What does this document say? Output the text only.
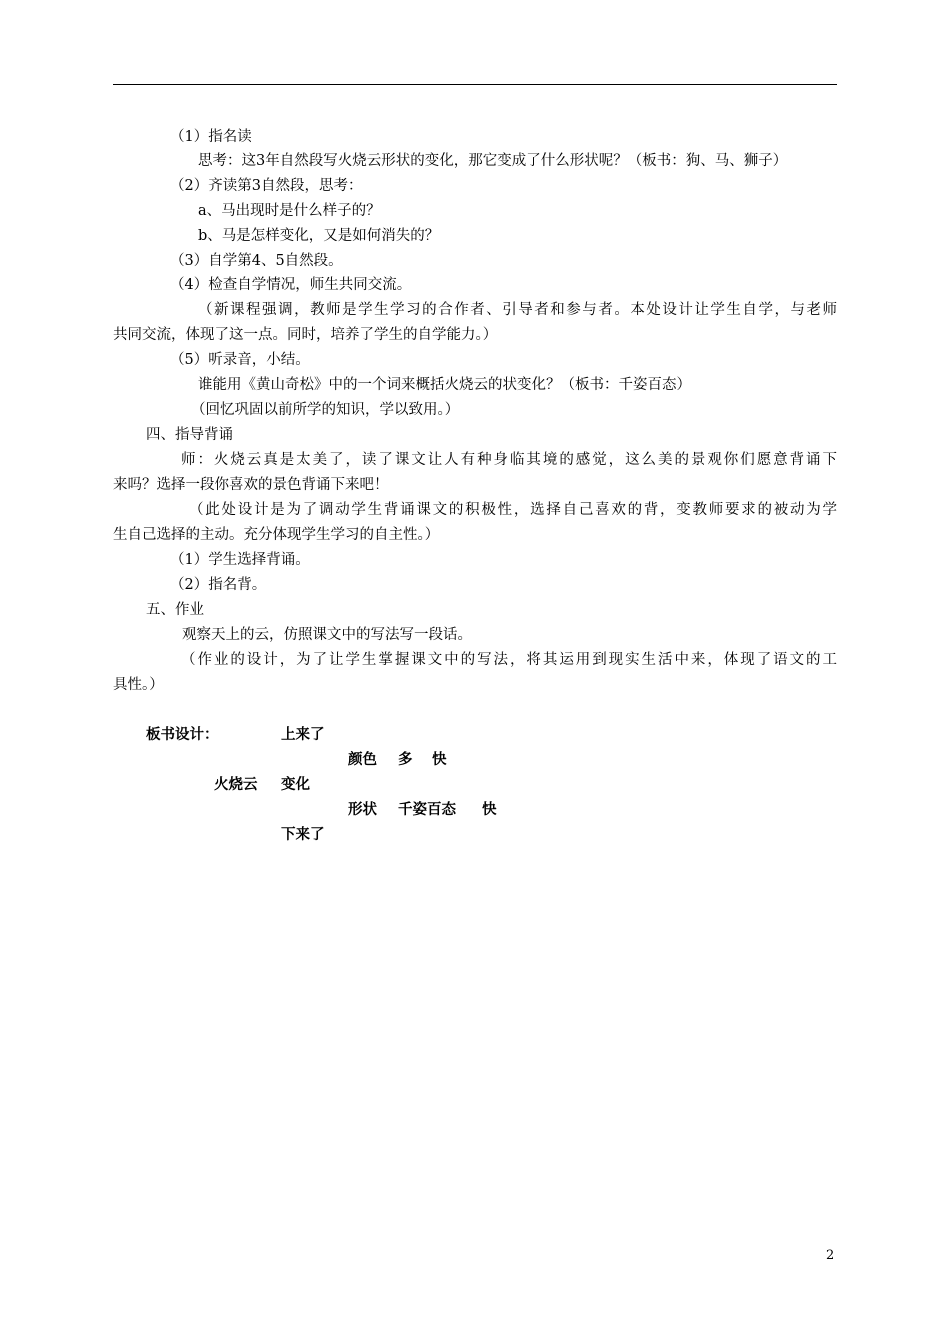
（1）指名读
思考：这3年自然段写火烧云形状的变化，那它变成了什么形状呢？（板书：狗、马、狮子）
（2）齐读第3自然段，思考：
a、马出现时是什么样子的？
b、马是怎样变化，又是如何消失的？
（3）自学第4、5自然段。
（4）检查自学情况，师生共同交流。
（新课程强调，教师是学生学习的合作者、引导者和参与者。本处设计让学生自学，与老师
共同交流，体现了这一点。同时，培养了学生的自学能力。）
（5）听录音，小结。
谁能用《黄山奇松》中的一个词来概括火烧云的状变化？（板书：千姿百态）
（回忆巩固以前所学的知识，学以致用。）
四、指导背诵
师：火烧云真是太美了，读了课文让人有种身临其境的感觉，这么美的景观你们愿意背诵下
来吗？选择一段你喜欢的景色背诵下来吧！
（此处设计是为了调动学生背诵课文的积极性，选择自己喜欢的背，变教师要求的被动为学
生自己选择的主动。充分体现学生学习的自主性。）
（1）学生选择背诵。
（2）指名背。
五、作业
观察天上的云，仿照课文中的写法写一段话。
（作业的设计，为了让学生掌握课文中的写法，将其运用到现实生活中来，体现了语文的工
具性。）
板书设计：	上来了
颜色 多 快
火烧云 变化
形状 千姿百态 快
下来了
2
